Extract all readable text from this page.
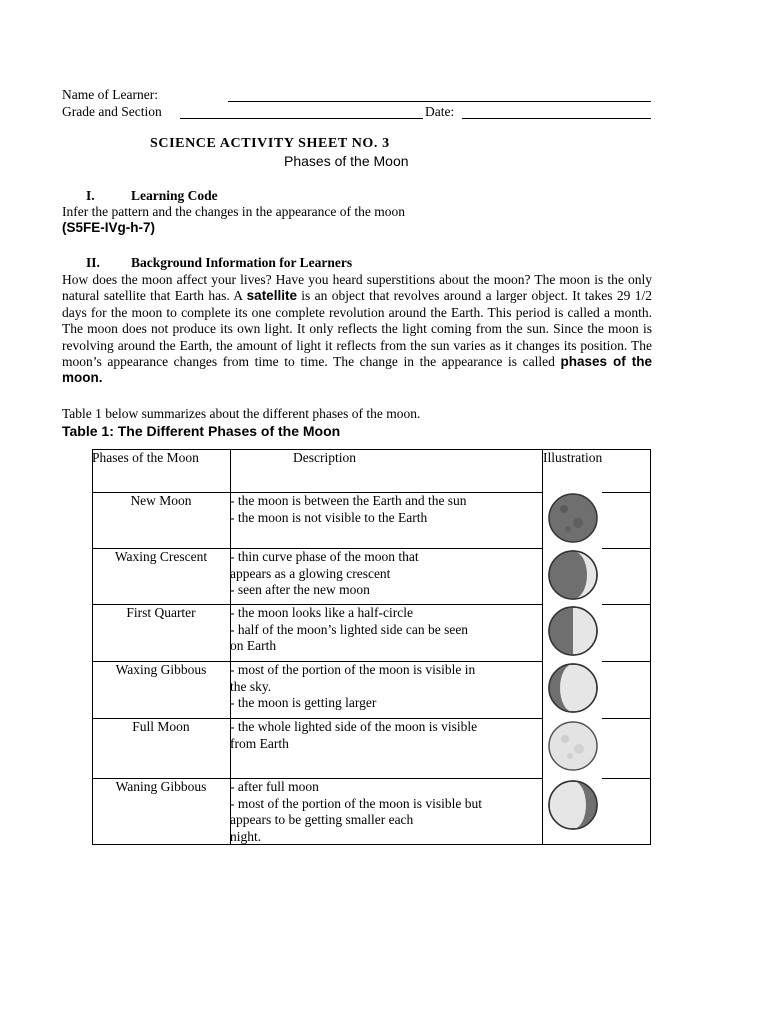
Name of Learner:
Grade and Section	Date:
SCIENCE ACTIVITY SHEET NO. 3
Phases of the Moon
I.	Learning Code
Infer the pattern and the changes in the appearance of the moon
(S5FE-IVg-h-7)
II. Background Information for Learners
How does the moon affect your lives? Have you heard superstitions about the moon? The moon is the only natural satellite that Earth has. A satellite is an object that revolves around a larger object. It takes 29 1/2 days for the moon to complete its one complete revolution around the Earth. This period is called a month. The moon does not produce its own light. It only reflects the light coming from the sun. Since the moon is revolving around the Earth, the amount of light it reflects from the sun varies as it changes its position. The moon’s appearance changes from time to time. The change in the appearance is called phases of the moon.
Table 1 below summarizes about the different phases of the moon.
Table 1: The Different Phases of the Moon
Phases of the Moon	Description	Illustration
New Moon	- the moon is between the Earth and the sun
- the moon is not visible to the Earth
Waxing Crescent	- thin curve phase of the moon that
appears as a glowing crescent
- seen after the new moon
First Quarter	- the moon looks like a half-circle
- half of the moon’s lighted side can be seen
on Earth
Waxing Gibbous	- most of the portion of the moon is visible in
the sky.
- the moon is getting larger
Full Moon	- the whole lighted side of the moon is visible
from Earth
Waning Gibbous	- after full moon
- most of the portion of the moon is visible but
appears to be getting smaller each
night.
